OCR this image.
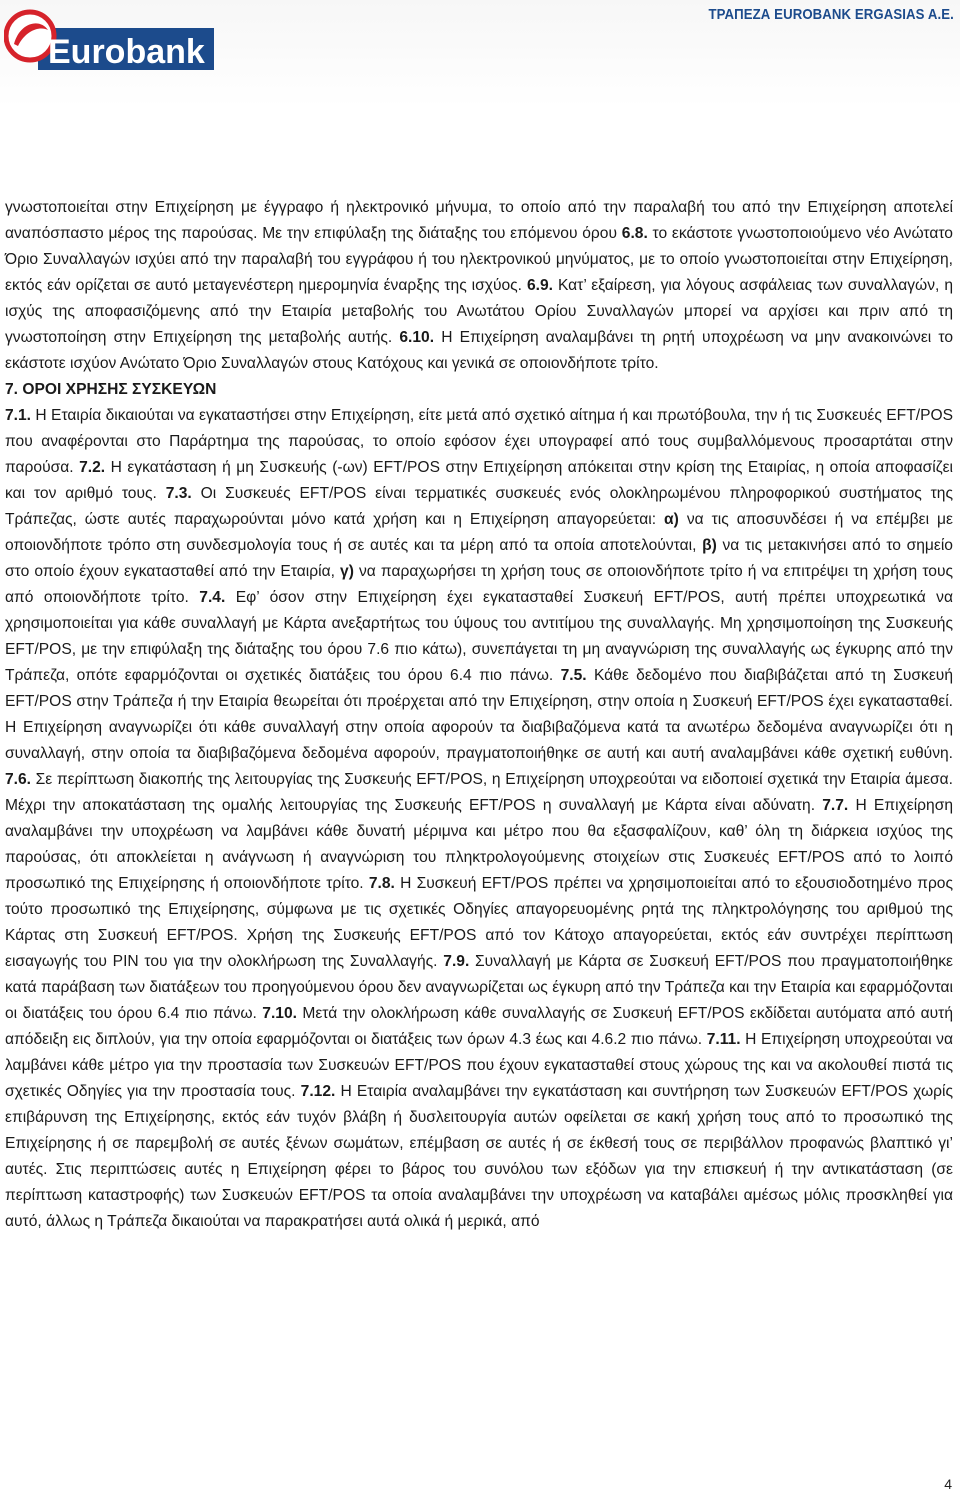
Eurobank
ΤΡΑΠΕΖΑ EUROBANK ERGASIAS A.E.

γνωστοποιείται στην Επιχείρηση με έγγραφο ή ηλεκτρονικό μήνυμα, το οποίο από την παραλαβή του από την Επιχείρηση αποτελεί αναπόσπαστο μέρος της παρούσας. Με την επιφύλαξη της διάταξης του επόμενου όρου 6.8. το εκάστοτε γνωστοποιούμενο νέο Ανώτατο Όριο Συναλλαγών ισχύει από την παραλαβή του εγγράφου ή του ηλεκτρονικού μηνύματος, με το οποίο γνωστοποιείται στην Επιχείρηση, εκτός εάν ορίζεται σε αυτό μεταγενέστερη ημερομηνία έναρξης της ισχύος. 6.9. Κατ’ εξαίρεση, για λόγους ασφάλειας των συναλλαγών, η ισχύς της αποφασιζόμενης από την Εταιρία μεταβολής του Ανωτάτου Ορίου Συναλλαγών μπορεί να αρχίσει και πριν από τη γνωστοποίηση στην Επιχείρηση της μεταβολής αυτής. 6.10. Η Επιχείρηση αναλαμβάνει τη ρητή υποχρέωση να μην ανακοινώνει το εκάστοτε ισχύον Ανώτατο Όριο Συναλλαγών στους Κατόχους και γενικά σε οποιονδήποτε τρίτο.

7. ΟΡΟΙ ΧΡΗΣΗΣ ΣΥΣΚΕΥΩΝ

7.1. Η Εταιρία δικαιούται να εγκαταστήσει στην Επιχείρηση, είτε μετά από σχετικό αίτημα ή και πρωτόβουλα, την ή τις Συσκευές EFT/POS που αναφέρονται στο Παράρτημα της παρούσας, το οποίο εφόσον έχει υπογραφεί από τους συμβαλλόμενους προσαρτάται στην παρούσα. 7.2. Η εγκατάσταση ή μη Συσκευής (-ων) EFT/POS στην Επιχείρηση απόκειται στην κρίση της Εταιρίας, η οποία αποφασίζει και τον αριθμό τους. 7.3. Οι Συσκευές EFT/POS είναι τερματικές συσκευές ενός ολοκληρωμένου πληροφορικού συστήματος της Τράπεζας, ώστε αυτές παραχωρούνται μόνο κατά χρήση και η Επιχείρηση απαγορεύεται: α) να τις αποσυνδέσει ή να επέμβει με οποιονδήποτε τρόπο στη συνδεσμολογία τους ή σε αυτές και τα μέρη από τα οποία αποτελούνται, β) να τις μετακινήσει από το σημείο στο οποίο έχουν εγκατασταθεί από την Εταιρία, γ) να παραχωρήσει τη χρήση τους σε οποιονδήποτε τρίτο ή να επιτρέψει τη χρήση τους από οποιονδήποτε τρίτο. 7.4. Εφ’ όσον στην Επιχείρηση έχει εγκατασταθεί Συσκευή EFT/POS, αυτή πρέπει υποχρεωτικά να χρησιμοποιείται για κάθε συναλλαγή με Κάρτα ανεξαρτήτως του ύψους του αντιτίμου της συναλλαγής. Μη χρησιμοποίηση της Συσκευής EFT/POS, με την επιφύλαξη της διάταξης του όρου 7.6 πιο κάτω), συνεπάγεται τη μη αναγνώριση της συναλλαγής ως έγκυρης από την Τράπεζα, οπότε εφαρμόζονται οι σχετικές διατάξεις του όρου 6.4 πιο πάνω. 7.5. Κάθε δεδομένο που διαβιβάζεται από τη Συσκευή EFT/POS στην Τράπεζα ή την Εταιρία θεωρείται ότι προέρχεται από την Επιχείρηση, στην οποία η Συσκευή EFT/POS έχει εγκατασταθεί. Η Επιχείρηση αναγνωρίζει ότι κάθε συναλλαγή στην οποία αφορούν τα διαβιβαζόμενα κατά τα ανωτέρω δεδομένα αναγνωρίζει ότι η συναλλαγή, στην οποία τα διαβιβαζόμενα δεδομένα αφορούν, πραγματοποιήθηκε σε αυτή και αυτή αναλαμβάνει κάθε σχετική ευθύνη. 7.6. Σε περίπτωση διακοπής της λειτουργίας της Συσκευής EFT/POS, η Επιχείρηση υποχρεούται να ειδοποιεί σχετικά την Εταιρία άμεσα. Μέχρι την αποκατάσταση της ομαλής λειτουργίας της Συσκευής EFT/POS η συναλλαγή με Κάρτα είναι αδύνατη. 7.7. Η Επιχείρηση αναλαμβάνει την υποχρέωση να λαμβάνει κάθε δυνατή μέριμνα και μέτρο που θα εξασφαλίζουν, καθ’ όλη τη διάρκεια ισχύος της παρούσας, ότι αποκλείεται η ανάγνωση ή αναγνώριση του πληκτρολογούμενης στοιχείων στις Συσκευές EFT/POS από το λοιπό προσωπικό της Επιχείρησης ή οποιονδήποτε τρίτο. 7.8. Η Συσκευή EFT/POS πρέπει να χρησιμοποιείται από το εξουσιοδοτημένο προς τούτο προσωπικό της Επιχείρησης, σύμφωνα με τις σχετικές Οδηγίες απαγορευομένης ρητά της πληκτρολόγησης του αριθμού της Κάρτας στη Συσκευή EFT/POS. Χρήση της Συσκευής EFT/POS από τον Κάτοχο απαγορεύεται, εκτός εάν συντρέχει περίπτωση εισαγωγής του PIN του για την ολοκλήρωση της Συναλλαγής. 7.9. Συναλλαγή με Κάρτα σε Συσκευή EFT/POS που πραγματοποιήθηκε κατά παράβαση των διατάξεων του προηγούμενου όρου δεν αναγνωρίζεται ως έγκυρη από την Τράπεζα και την Εταιρία και εφαρμόζονται οι διατάξεις του όρου 6.4 πιο πάνω. 7.10. Μετά την ολοκλήρωση κάθε συναλλαγής σε Συσκευή EFT/POS εκδίδεται αυτόματα από αυτή απόδειξη εις διπλούν, για την οποία εφαρμόζονται οι διατάξεις των όρων 4.3 έως και 4.6.2 πιο πάνω. 7.11. Η Επιχείρηση υποχρεούται να λαμβάνει κάθε μέτρο για την προστασία των Συσκευών EFT/POS που έχουν εγκατασταθεί στους χώρους της και να ακολουθεί πιστά τις σχετικές Οδηγίες για την προστασία τους. 7.12. Η Εταιρία αναλαμβάνει την εγκατάσταση και συντήρηση των Συσκευών EFT/POS χωρίς επιβάρυνση της Επιχείρησης, εκτός εάν τυχόν βλάβη ή δυσλειτουργία αυτών οφείλεται σε κακή χρήση τους από το προσωπικό της Επιχείρησης ή σε παρεμβολή σε αυτές ξένων σωμάτων, επέμβαση σε αυτές ή σε έκθεσή τους σε περιβάλλον προφανώς βλαπτικό γι’ αυτές. Στις περιπτώσεις αυτές η Επιχείρηση φέρει το βάρος του συνόλου των εξόδων για την επισκευή ή την αντικατάσταση (σε περίπτωση καταστροφής) των Συσκευών EFT/POS τα οποία αναλαμβάνει την υποχρέωση να καταβάλει αμέσως μόλις προσκληθεί για αυτό, άλλως η Τράπεζα δικαιούται να παρακρατήσει αυτά ολικά ή μερικά, από

4
